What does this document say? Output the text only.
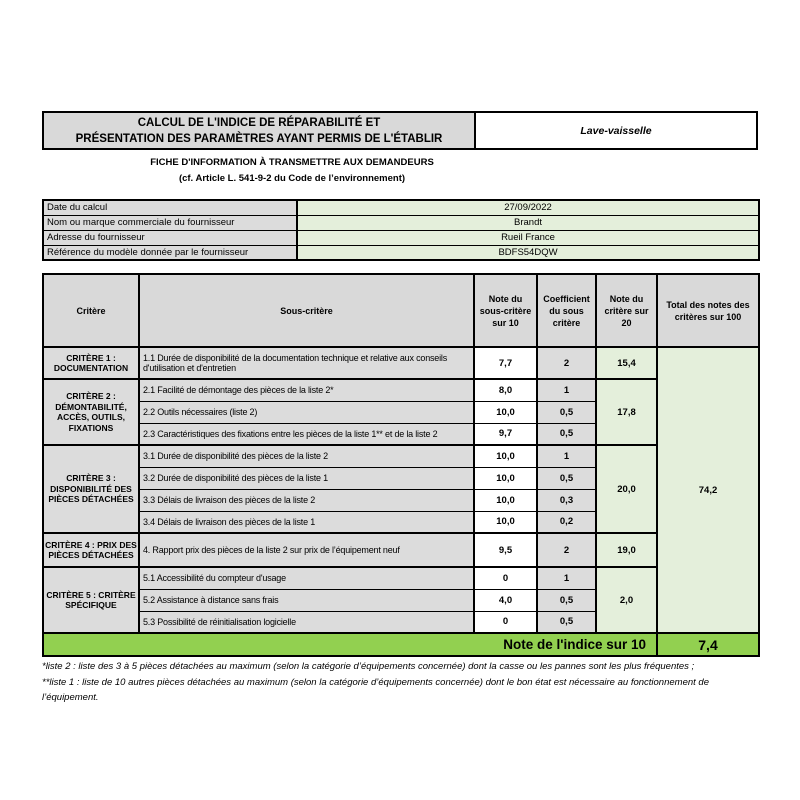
CALCUL DE L'INDICE DE RÉPARABILITÉ ET
PRÉSENTATION DES PARAMÈTRES AYANT PERMIS DE L'ÉTABLIR
Lave-vaisselle
FICHE D'INFORMATION À TRANSMETTRE AUX DEMANDEURS
(cf. Article L. 541-9-2 du Code de l’environnement)
Date du calcul	27/09/2022
Nom ou marque commerciale du fournisseur	Brandt
Adresse du fournisseur	Rueil France
Référence du modèle donnée par le fournisseur	BDFS54DQW
Critère	Sous-critère	Note du sous-critère sur 10	Coefficient du sous critère	Note du critère sur 20	Total des notes des critères sur 100
CRITÈRE 1 : DOCUMENTATION	1.1 Durée de disponibilité de la documentation technique et relative aux conseils d'utilisation et d'entretien	7,7	2	15,4	74,2
CRITÈRE 2 : DÉMONTABILITÉ, ACCÈS, OUTILS, FIXATIONS	2.1 Facilité de démontage des pièces de la liste 2*	8,0	1	17,8	
	2.2 Outils nécessaires (liste 2)	10,0	0,5		
	2.3 Caractéristiques des fixations entre les pièces de la liste 1** et de la liste 2	9,7	0,5		
CRITÈRE 3 : DISPONIBILITÉ DES PIÈCES DÉTACHÉES	3.1 Durée de disponibilité des pièces de la liste 2	10,0	1	20,0	
	3.2 Durée de disponibilité des pièces de la liste 1	10,0	0,5		
	3.3 Délais de livraison des pièces de la liste 2	10,0	0,3		
	3.4 Délais de livraison des pièces de la liste 1	10,0	0,2		
CRITÈRE 4 : PRIX DES PIÈCES DÉTACHÉES	4. Rapport prix des pièces de la liste 2 sur prix de l’équipement neuf	9,5	2	19,0	
CRITÈRE 5 : CRITÈRE SPÉCIFIQUE	5.1 Accessibilité du compteur d'usage	0	1	2,0	
	5.2 Assistance à distance sans frais	4,0	0,5		
	5.3 Possibilité de réinitialisation logicielle	0	0,5		
Note de l'indice sur 10					7,4
*liste 2 : liste des 3 à 5 pièces détachées au maximum (selon la catégorie d’équipements concernée) dont la casse ou les pannes sont les plus fréquentes ;
**liste 1 : liste de 10 autres pièces détachées au maximum (selon la catégorie d’équipements concernée) dont le bon état est nécessaire au fonctionnement de
l’équipement.
